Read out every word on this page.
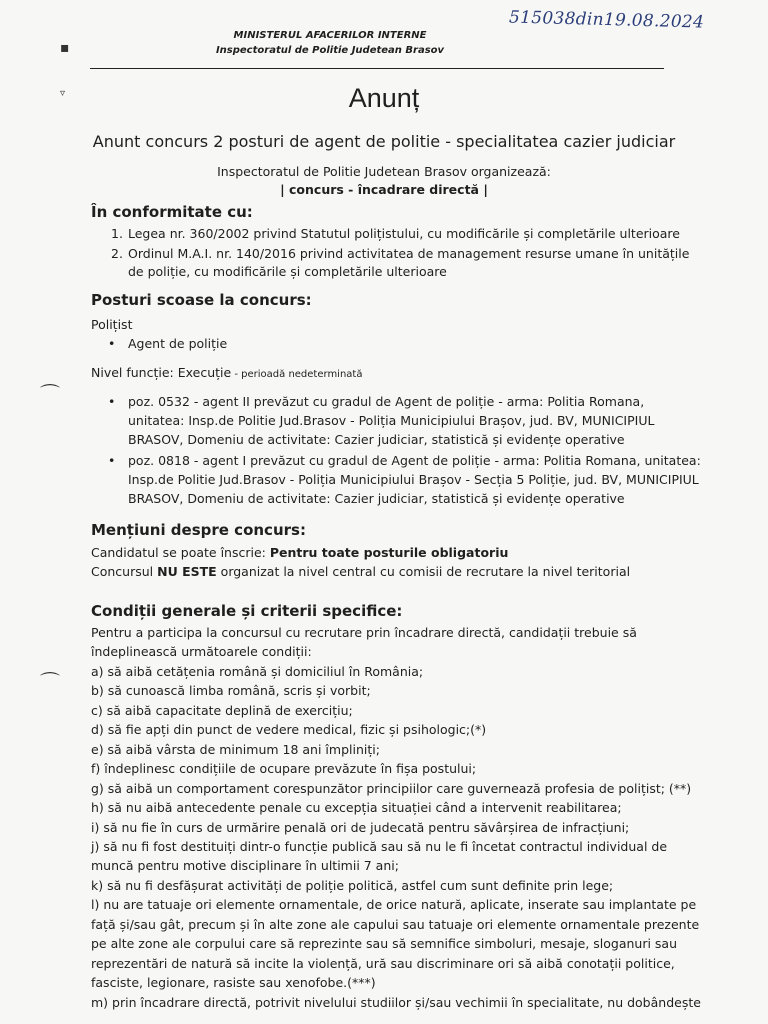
515038din19.08.2024
▪
▿
⌒
⌒
MINISTERUL AFACERILOR INTERNE
Inspectoratul de Politie Judetean Brasov
Anunț
Anunt concurs 2 posturi de agent de politie - specialitatea cazier judiciar
Inspectoratul de Politie Judetean Brasov organizează:
| concurs - încadrare directă |
În conformitate cu:
1. Legea nr. 360/2002 privind Statutul polițistului, cu modificările și completările ulterioare
2. Ordinul M.A.I. nr. 140/2016 privind activitatea de management resurse umane în unitățile
de poliție, cu modificările și completările ulterioare
Posturi scoase la concurs:
Polițist
• Agent de poliție
Nivel funcție: Execuție - perioadă nedeterminată
• poz. 0532 - agent II prevăzut cu gradul de Agent de poliție - arma: Politia Romana,
unitatea: Insp.de Politie Jud.Brasov - Poliția Municipiului Brașov, jud. BV, MUNICIPIUL
BRASOV, Domeniu de activitate: Cazier judiciar, statistică și evidențe operative
• poz. 0818 - agent I prevăzut cu gradul de Agent de poliție - arma: Politia Romana, unitatea:
Insp.de Politie Jud.Brasov - Poliția Municipiului Brașov - Secția 5 Poliție, jud. BV, MUNICIPIUL
BRASOV, Domeniu de activitate: Cazier judiciar, statistică și evidențe operative
Mențiuni despre concurs:
Candidatul se poate înscrie: Pentru toate posturile obligatoriu
Concursul NU ESTE organizat la nivel central cu comisii de recrutare la nivel teritorial
Condiții generale și criterii specifice:
Pentru a participa la concursul cu recrutare prin încadrare directă, candidații trebuie să
îndeplinească următoarele condiții:
a) să aibă cetățenia română și domiciliul în România;
b) să cunoască limba română, scris și vorbit;
c) să aibă capacitate deplină de exercițiu;
d) să fie apți din punct de vedere medical, fizic și psihologic;(*)
e) să aibă vârsta de minimum 18 ani împliniți;
f) îndeplinesc condițiile de ocupare prevăzute în fișa postului;
g) să aibă un comportament corespunzător principiilor care guvernează profesia de polițist; (**)
h) să nu aibă antecedente penale cu excepția situației când a intervenit reabilitarea;
i) să nu fie în curs de urmărire penală ori de judecată pentru săvârșirea de infracțiuni;
j) să nu fi fost destituiți dintr-o funcție publică sau să nu le fi încetat contractul individual de
muncă pentru motive disciplinare în ultimii 7 ani;
k) să nu fi desfășurat activități de poliție politică, astfel cum sunt definite prin lege;
l) nu are tatuaje ori elemente ornamentale, de orice natură, aplicate, inserate sau implantate pe
față și/sau gât, precum și în alte zone ale capului sau tatuaje ori elemente ornamentale prezente
pe alte zone ale corpului care să reprezinte sau să semnifice simboluri, mesaje, sloganuri sau
reprezentări de natură să incite la violență, ură sau discriminare ori să aibă conotații politice,
fasciste, legionare, rasiste sau xenofobe.(***)
m) prin încadrare directă, potrivit nivelului studiilor și/sau vechimii în specialitate, nu dobândește
